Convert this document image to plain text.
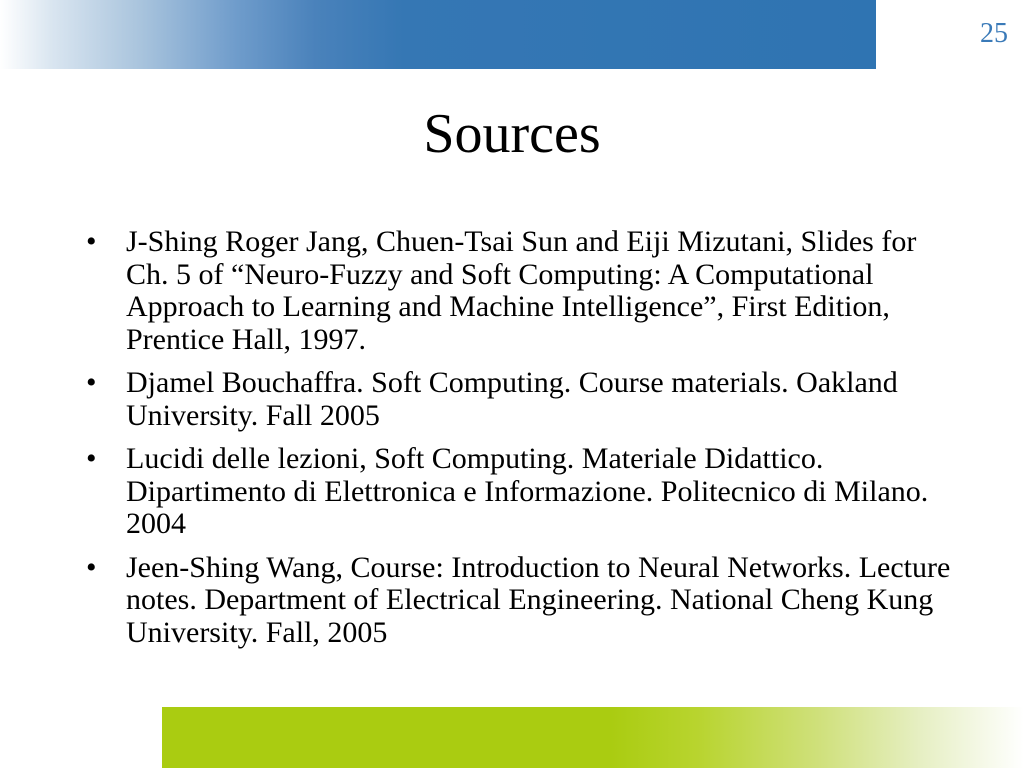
25
Sources
• J-Shing Roger Jang, Chuen-Tsai Sun and Eiji Mizutani, Slides for Ch. 5 of “Neuro-Fuzzy and Soft Computing: A Computational Approach to Learning and Machine Intelligence”, First Edition, Prentice Hall, 1997.
• Djamel Bouchaffra. Soft Computing. Course materials. Oakland University. Fall 2005
• Lucidi delle lezioni, Soft Computing. Materiale Didattico. Dipartimento di Elettronica e Informazione. Politecnico di Milano. 2004
• Jeen-Shing Wang, Course: Introduction to Neural Networks. Lecture notes. Department of Electrical Engineering. National Cheng Kung University. Fall, 2005
